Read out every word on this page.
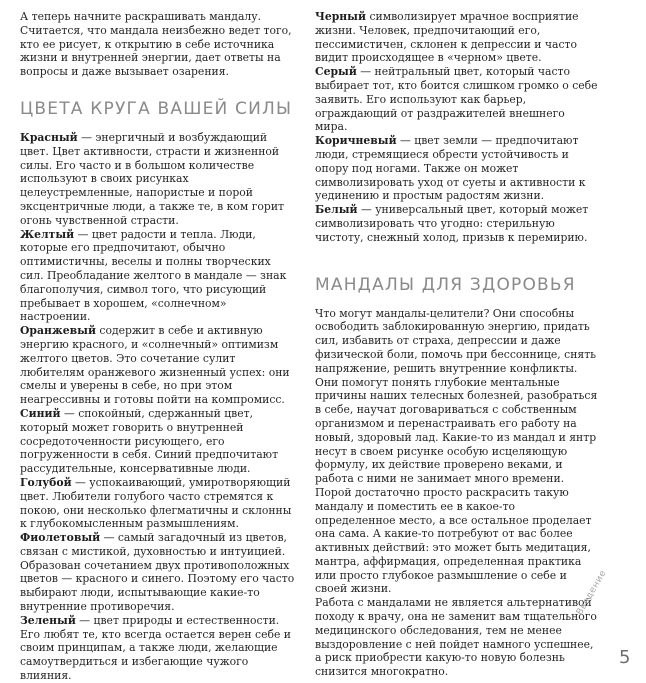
А теперь начните раскрашивать мандалу. Считается, что мандала неизбежно ведет того, кто ее рисует, к открытию в себе источника жизни и внутренней энергии, дает ответы на вопросы и даже вызывает озарения.

ЦВЕТА КРУГА ВАШЕЙ СИЛЫ

Красный — энергичный и возбуждающий цвет. Цвет активности, страсти и жизненной силы. Его часто и в большом количестве используют в своих рисунках целеустремленные, напористые и порой эксцентричные люди, а также те, в ком горит огонь чувственной страсти.

Желтый — цвет радости и тепла. Люди, которые его предпочитают, обычно оптимистичны, веселы и полны творческих сил. Преобладание желтого в мандале — знак благополучия, символ того, что рисующий пребывает в хорошем, «солнечном» настроении.

Оранжевый содержит в себе и активную энергию красного, и «солнечный» оптимизм желтого цветов. Это сочетание сулит любителям оранжевого жизненный успех: они смелы и уверены в себе, но при этом неагрессивны и готовы пойти на компромисс.

Синий — спокойный, сдержанный цвет, который может говорить о внутренней сосредоточенности рисующего, его погруженности в себя. Синий предпочитают рассудительные, консервативные люди.

Голубой — успокаивающий, умиротворяющий цвет. Любители голубого часто стремятся к покою, они несколько флегматичны и склонны к глубокомысленным размышлениям.

Фиолетовый — самый загадочный из цветов, связан с мистикой, духовностью и интуицией. Образован сочетанием двух противоположных цветов — красного и синего. Поэтому его часто выбирают люди, испытывающие какие-то внутренние противоречия.

Зеленый — цвет природы и естественности. Его любят те, кто всегда остается верен себе и своим принципам, а также люди, желающие самоутвердиться и избегающие чужого влияния.

Черный символизирует мрачное восприятие жизни. Человек, предпочитающий его, пессимистичен, склонен к депрессии и часто видит происходящее в «черном» цвете.

Серый — нейтральный цвет, который часто выбирает тот, кто боится слишком громко о себе заявить. Его используют как барьер, ограждающий от раздражителей внешнего мира.

Коричневый — цвет земли — предпочитают люди, стремящиеся обрести устойчивость и опору под ногами. Также он может символизировать уход от суеты и активности к уединению и простым радостям жизни.

Белый — универсальный цвет, который может символизировать что угодно: стерильную чистоту, снежный холод, призыв к перемирию.

МАНДАЛЫ ДЛЯ ЗДОРОВЬЯ

Что могут мандалы-целители? Они способны освободить заблокированную энергию, придать сил, избавить от страха, депрессии и даже физической боли, помочь при бессоннице, снять напряжение, решить внутренние конфликты. Они помогут понять глубокие ментальные причины наших телесных болезней, разобраться в себе, научат договариваться с собственным организмом и перенастраивать его работу на новый, здоровый лад. Какие-то из мандал и янтр несут в своем рисунке особую исцеляющую формулу, их действие проверено веками, и работа с ними не занимает много времени. Порой достаточно просто раскрасить такую мандалу и поместить ее в какое-то определенное место, а все остальное проделает она сама. А какие-то потребуют от вас более активных действий: это может быть медитация, мантра, аффирмация, определенная практика или просто глубокое размышление о себе и своей жизни.

Работа с мандалами не является альтернативой походу к врачу, она не заменит вам тщательного медицинского обследования, тем не менее выздоровление с ней пойдет намного успешнее, а риск приобрести какую-то новую болезнь снизится многократно.

Введение
5
